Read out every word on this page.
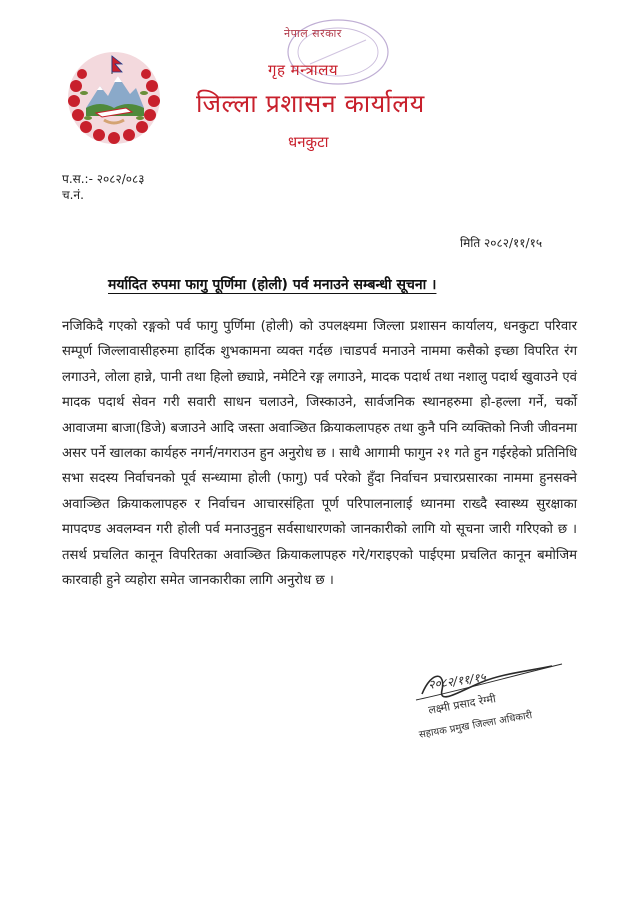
नेपाल सरकार
गृह मन्त्रालय
जिल्ला प्रशासन कार्यालय
धनकुटा
प.स.:- २०८२/०८३
च.नं.
मिति २०८२/११/१५
मर्यादित रुपमा फागु पूर्णिमा (होली) पर्व मनाउने सम्बन्धी सूचना ।
नजिकिदै गएको रङ्गको पर्व फागु पुर्णिमा (होली) को उपलक्ष्यमा जिल्ला प्रशासन कार्यालय, धनकुटा परिवार सम्पूर्ण जिल्लावासीहरुमा हार्दिक शुभकामना व्यक्त गर्दछ ।चाडपर्व मनाउने नाममा कसैको इच्छा विपरित रंग लगाउने, लोला हान्ने, पानी तथा हिलो छ्याप्ने, नमेटिने रङ्ग लगाउने, मादक पदार्थ तथा नशालु पदार्थ खुवाउने एवं मादक पदार्थ सेवन गरी सवारी साधन चलाउने, जिस्काउने, सार्वजनिक स्थानहरुमा हो-हल्ला गर्ने, चर्को आवाजमा बाजा(डिजे) बजाउने आदि जस्ता अवाञ्छित क्रियाकलापहरु तथा कुनै पनि व्यक्तिको निजी जीवनमा असर पर्ने खालका कार्यहरु नगर्न/नगराउन हुन अनुरोध छ । साथै आगामी फागुन २१ गते हुन गईरहेको प्रतिनिधि सभा सदस्य निर्वाचनको पूर्व सन्ध्यामा होली (फागु) पर्व परेको हुँदा निर्वाचन प्रचारप्रसारका नाममा हुनसक्ने अवाञ्छित क्रियाकलापहरु र निर्वाचन आचारसंहिता पूर्ण परिपालनालाई ध्यानमा राख्दै स्वास्थ्य सुरक्षाका मापदण्ड अवलम्वन गरी होली पर्व मनाउनुहुन सर्वसाधारणको जानकारीको लागि यो सूचना जारी गरिएको छ । तसर्थ प्रचलित कानून विपरितका अवाञ्छित क्रियाकलापहरु गरे/गराइएको पाईएमा प्रचलित कानून बमोजिम कारवाही हुने व्यहोरा समेत जानकारीका लागि अनुरोध छ ।
२०८२/११/१५
लक्ष्मी प्रसाद रेग्मी
सहायक प्रमुख जिल्ला अधिकारी
